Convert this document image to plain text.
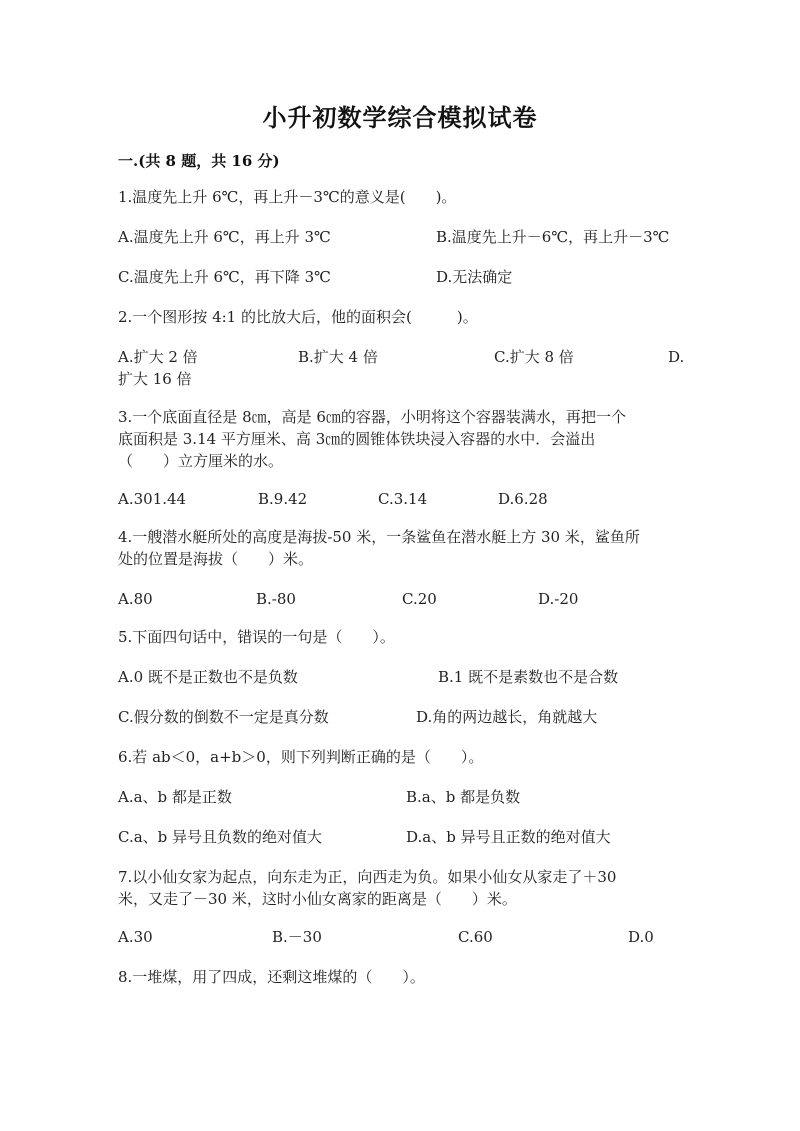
小升初数学综合模拟试卷
一.(共 8 题，共 16 分)
1.温度先上升 6℃，再上升－3℃的意义是(　　)。
A.温度先上升 6℃，再上升 3℃	B.温度先上升－6℃，再上升－3℃
C.温度先上升 6℃，再下降 3℃	D.无法确定
2.一个图形按 4:1 的比放大后，他的面积会(　　　)。
A.扩大 2 倍	B.扩大 4 倍	C.扩大 8 倍	D.
扩大 16 倍
3.一个底面直径是 8㎝，高是 6㎝的容器，小明将这个容器装满水，再把一个
底面积是 3.14 平方厘米、高 3㎝的圆锥体铁块浸入容器的水中．会溢出
（　　）立方厘米的水。
A.301.44	B.9.42	C.3.14	D.6.28
4.一艘潜水艇所处的高度是海拔-50 米，一条鲨鱼在潜水艇上方 30 米，鲨鱼所
处的位置是海拔（　　）米。
A.80	B.-80	C.20	D.-20
5.下面四句话中，错误的一句是（　　）。
A.0 既不是正数也不是负数	B.1 既不是素数也不是合数
C.假分数的倒数不一定是真分数	D.角的两边越长，角就越大
6.若 ab＜0，a+b＞0，则下列判断正确的是（　　）。
A.a、b 都是正数	B.a、b 都是负数
C.a、b 异号且负数的绝对值大	D.a、b 异号且正数的绝对值大
7.以小仙女家为起点，向东走为正，向西走为负。如果小仙女从家走了＋30
米，又走了－30 米，这时小仙女离家的距离是（　　）米。
A.30	B.－30	C.60	D.0
8.一堆煤，用了四成，还剩这堆煤的（　　）。
